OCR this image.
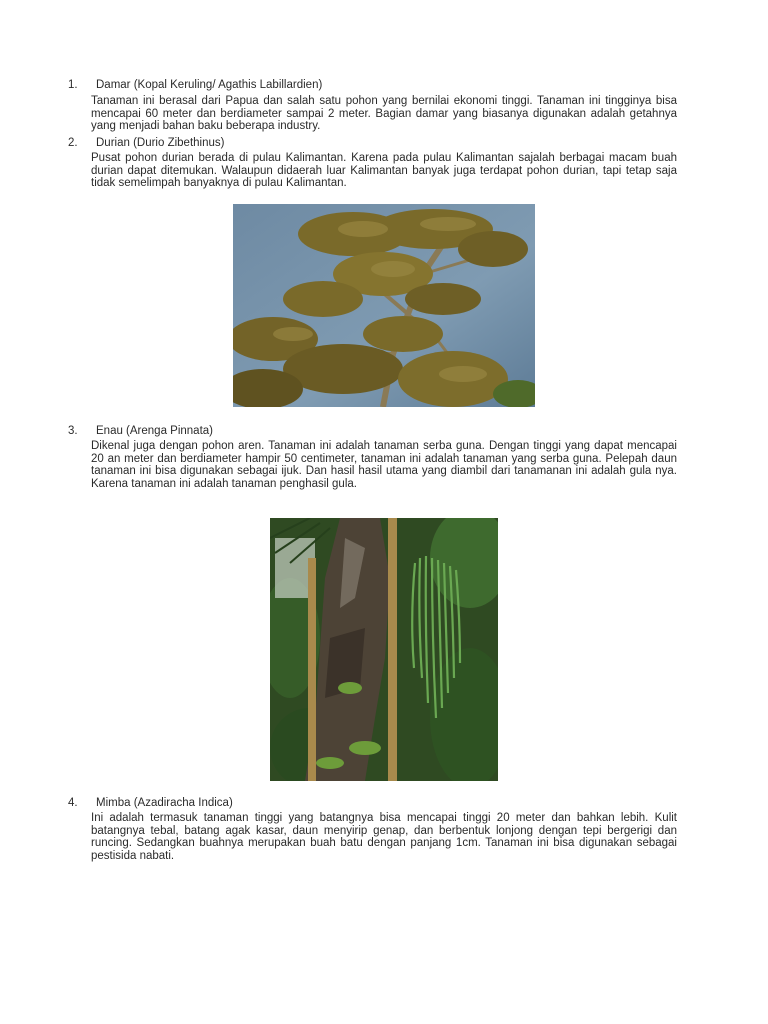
1. Damar (Kopal Keruling/ Agathis Labillardien)
Tanaman ini berasal dari Papua dan salah satu pohon yang bernilai ekonomi tinggi. Tanaman ini tingginya bisa mencapai 60 meter dan berdiameter sampai 2 meter. Bagian damar yang biasanya digunakan adalah getahnya yang menjadi bahan baku beberapa industry.
2. Durian (Durio Zibethinus)
Pusat pohon durian berada di pulau Kalimantan. Karena pada pulau Kalimantan sajalah berbagai macam buah durian dapat ditemukan. Walaupun didaerah luar Kalimantan banyak juga terdapat pohon durian, tapi tetap saja tidak semelimpah banyaknya di pulau Kalimantan.
3. Enau (Arenga Pinnata)
Dikenal juga dengan pohon aren. Tanaman ini adalah tanaman serba guna. Dengan tinggi yang dapat mencapai 20 an meter dan berdiameter hampir 50 centimeter, tanaman ini adalah tanaman yang serba guna. Pelepah daun tanaman ini bisa digunakan sebagai ijuk. Dan hasil hasil utama yang diambil dari tanamanan ini adalah gula nya. Karena tanaman ini adalah tanaman penghasil gula.
4. Mimba (Azadiracha Indica)
Ini adalah termasuk tanaman tinggi yang batangnya bisa mencapai tinggi 20 meter dan bahkan lebih. Kulit batangnya tebal, batang agak kasar, daun menyirip genap, dan berbentuk lonjong dengan tepi bergerigi dan runcing. Sedangkan buahnya merupakan buah batu dengan panjang 1cm. Tanaman ini bisa digunakan sebagai pestisida nabati.
